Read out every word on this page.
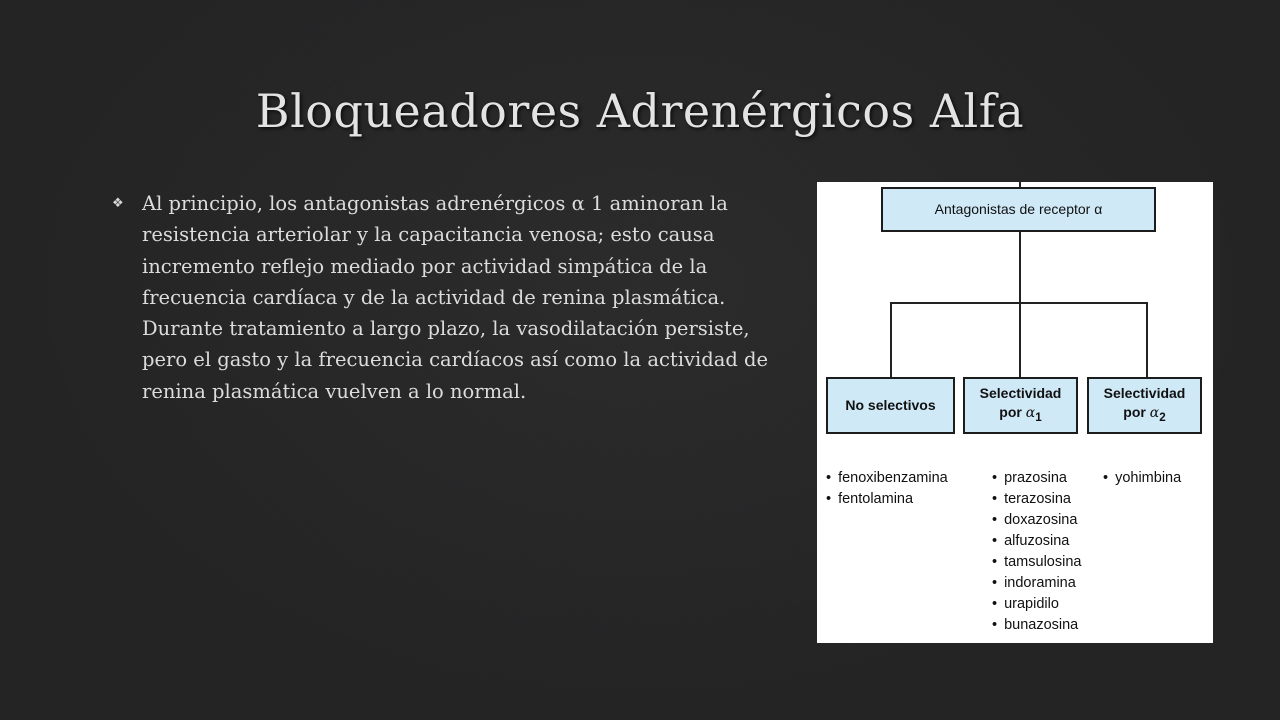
Bloqueadores Adrenérgicos Alfa
❖ Al principio, los antagonistas adrenérgicos α 1 aminoran la resistencia arteriolar y la capacitancia venosa; esto causa incremento reflejo mediado por actividad simpática de la frecuencia cardíaca y de la actividad de renina plasmática. Durante tratamiento a largo plazo, la vasodilatación persiste, pero el gasto y la frecuencia cardíacos así como la actividad de renina plasmática vuelven a lo normal.

Antagonistas de receptor α
No selectivos
Selectividad
por $\alpha_1$
Selectividad
por $\alpha_2$
• fenoxibenzamina
• fentolamina
• prazosina
• terazosina
• doxazosina
• alfuzosina
• tamsulosina
• indoramina
• urapidilo
• bunazosina
• yohimbina
